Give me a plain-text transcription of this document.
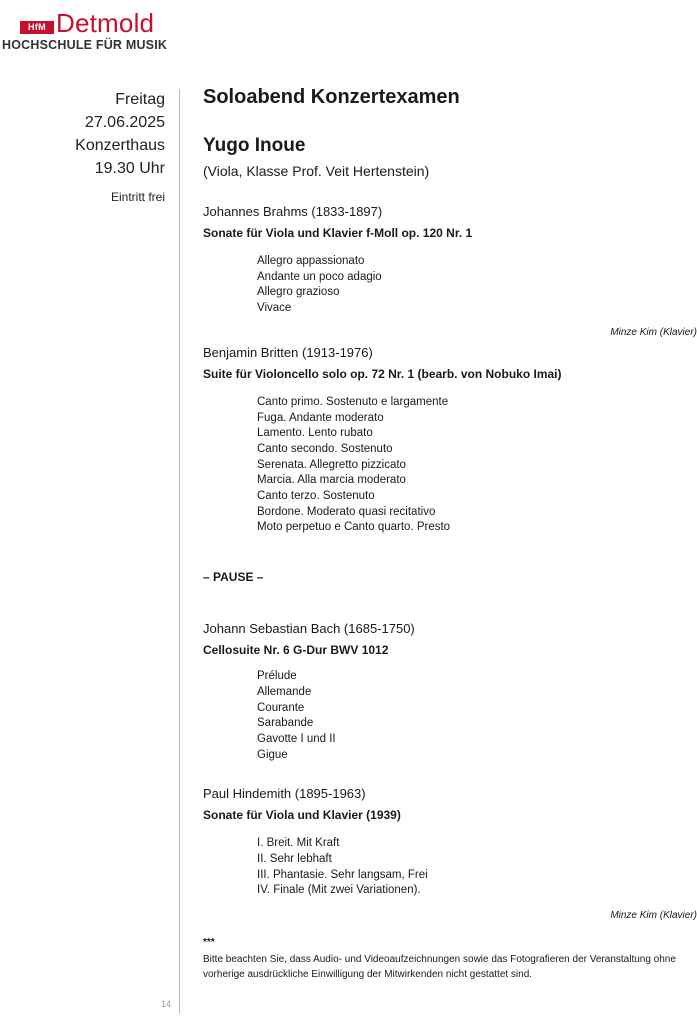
HfM Detmold
HOCHSCHULE FÜR MUSIK
Freitag
27.06.2025
Konzerthaus
19.30 Uhr
Eintritt frei
Soloabend Konzertexamen
Yugo Inoue
(Viola, Klasse Prof. Veit Hertenstein)
Johannes Brahms (1833-1897)
Sonate für Viola und Klavier f-Moll op. 120 Nr. 1
Allegro appassionato
Andante un poco adagio
Allegro grazioso
Vivace
Minze Kim (Klavier)
Benjamin Britten (1913-1976)
Suite für Violoncello solo op. 72 Nr. 1 (bearb. von Nobuko Imai)
Canto primo. Sostenuto e largamente
Fuga. Andante moderato
Lamento. Lento rubato
Canto secondo. Sostenuto
Serenata. Allegretto pizzicato
Marcia. Alla marcia moderato
Canto terzo. Sostenuto
Bordone. Moderato quasi recitativo
Moto perpetuo e Canto quarto. Presto
– PAUSE –
Johann Sebastian Bach (1685-1750)
Cellosuite Nr. 6 G-Dur BWV 1012
Prélude
Allemande
Courante
Sarabande
Gavotte I und II
Gigue
Paul Hindemith (1895-1963)
Sonate für Viola und Klavier (1939)
I. Breit. Mit Kraft
II. Sehr lebhaft
III. Phantasie. Sehr langsam, Frei
IV. Finale (Mit zwei Variationen).
Minze Kim (Klavier)
***
Bitte beachten Sie, dass Audio- und Videoaufzeichnungen sowie das Fotografieren der Veranstaltung ohne vorherige ausdrückliche Einwilligung der Mitwirkenden nicht gestattet sind.
14
